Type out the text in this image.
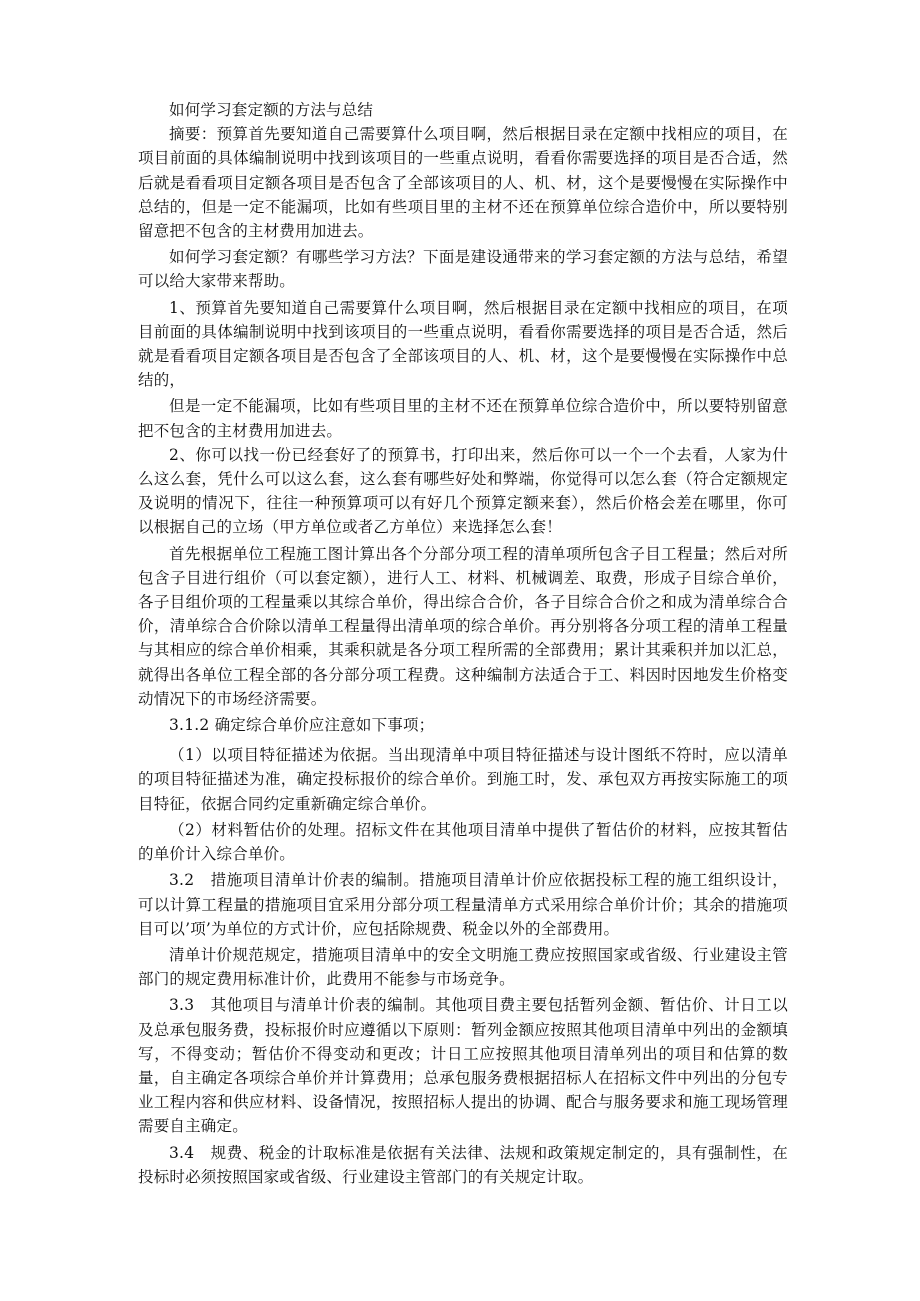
如何学习套定额的方法与总结

摘要：预算首先要知道自己需要算什么项目啊，然后根据目录在定额中找相应的项目，在项目前面的具体编制说明中找到该项目的一些重点说明，看看你需要选择的项目是否合适，然后就是看看项目定额各项目是否包含了全部该项目的人、机、材，这个是要慢慢在实际操作中总结的，但是一定不能漏项，比如有些项目里的主材不还在预算单位综合造价中，所以要特别留意把不包含的主材费用加进去。

如何学习套定额？有哪些学习方法？下面是建设通带来的学习套定额的方法与总结，希望可以给大家带来帮助。

1、预算首先要知道自己需要算什么项目啊，然后根据目录在定额中找相应的项目，在项目前面的具体编制说明中找到该项目的一些重点说明，看看你需要选择的项目是否合适，然后就是看看项目定额各项目是否包含了全部该项目的人、机、材，这个是要慢慢在实际操作中总结的，

但是一定不能漏项，比如有些项目里的主材不还在预算单位综合造价中，所以要特别留意把不包含的主材费用加进去。

2、你可以找一份已经套好了的预算书，打印出来，然后你可以一个一个去看，人家为什么这么套，凭什么可以这么套，这么套有哪些好处和弊端，你觉得可以怎么套（符合定额规定及说明的情况下，往往一种预算项可以有好几个预算定额来套），然后价格会差在哪里，你可以根据自己的立场（甲方单位或者乙方单位）来选择怎么套！

首先根据单位工程施工图计算出各个分部分项工程的清单项所包含子目工程量；然后对所包含子目进行组价（可以套定额），进行人工、材料、机械调差、取费，形成子目综合单价，各子目组价项的工程量乘以其综合单价，得出综合合价，各子目综合合价之和成为清单综合合价，清单综合合价除以清单工程量得出清单项的综合单价。再分别将各分项工程的清单工程量与其相应的综合单价相乘，其乘积就是各分项工程所需的全部费用；累计其乘积并加以汇总，就得出各单位工程全部的各分部分项工程费。这种编制方法适合于工、料因时因地发生价格变动情况下的市场经济需要。

3.1.2 确定综合单价应注意如下事项；

（1）以项目特征描述为依据。当出现清单中项目特征描述与设计图纸不符时，应以清单的项目特征描述为准，确定投标报价的综合单价。到施工时，发、承包双方再按实际施工的项目特征，依据合同约定重新确定综合单价。

（2）材料暂估价的处理。招标文件在其他项目清单中提供了暂估价的材料，应按其暂估的单价计入综合单价。

3.2　措施项目清单计价表的编制。措施项目清单计价应依据投标工程的施工组织设计，可以计算工程量的措施项目宜采用分部分项工程量清单方式采用综合单价计价；其余的措施项目可以’项’为单位的方式计价，应包括除规费、税金以外的全部费用。

清单计价规范规定，措施项目清单中的安全文明施工费应按照国家或省级、行业建设主管部门的规定费用标准计价，此费用不能参与市场竞争。

3.3　其他项目与清单计价表的编制。其他项目费主要包括暂列金额、暂估价、计日工以及总承包服务费，投标报价时应遵循以下原则：暂列金额应按照其他项目清单中列出的金额填写，不得变动；暂估价不得变动和更改；计日工应按照其他项目清单列出的项目和估算的数量，自主确定各项综合单价并计算费用；总承包服务费根据招标人在招标文件中列出的分包专业工程内容和供应材料、设备情况，按照招标人提出的协调、配合与服务要求和施工现场管理需要自主确定。

3.4　规费、税金的计取标准是依据有关法律、法规和政策规定制定的，具有强制性，在投标时必须按照国家或省级、行业建设主管部门的有关规定计取。
